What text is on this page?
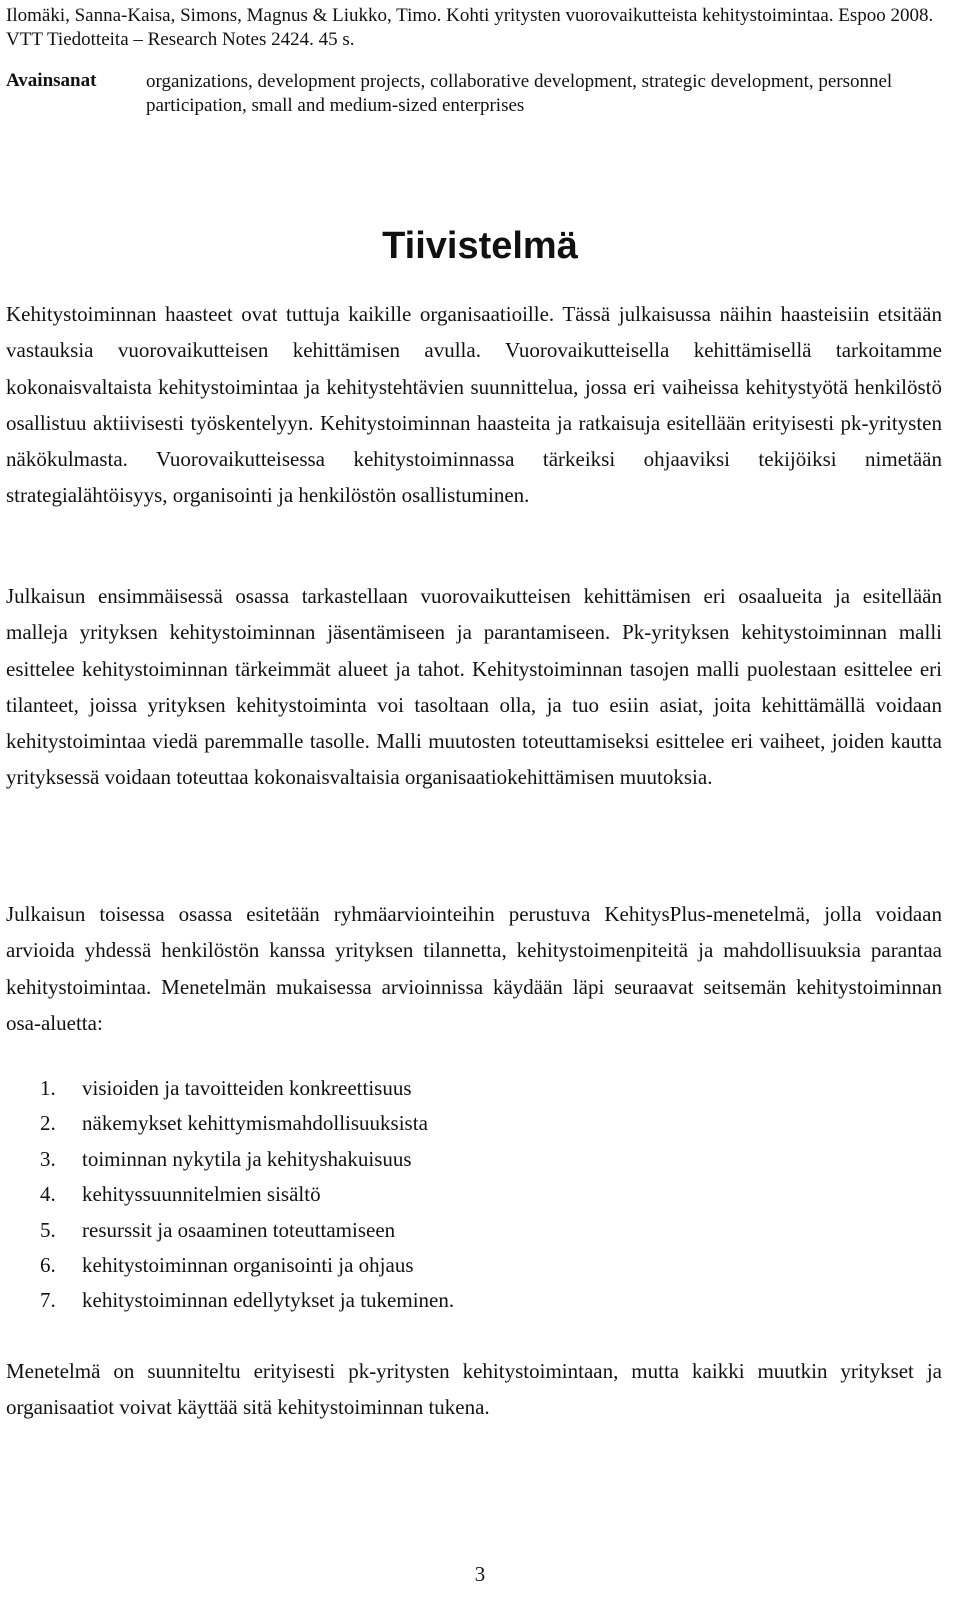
Ilomäki, Sanna-Kaisa, Simons, Magnus & Liukko, Timo. Kohti yritysten vuorovaikutteista kehitystoimintaa. Espoo 2008. VTT Tiedotteita – Research Notes 2424. 45 s.

Avainsanat	organizations, development projects, collaborative development, strategic development, personnel participation, small and medium-sized enterprises

Tiivistelmä

Kehitystoiminnan haasteet ovat tuttuja kaikille organisaatioille. Tässä julkaisussa näihin haasteisiin etsitään vastauksia vuorovaikutteisen kehittämisen avulla. Vuorovaikutteisella kehittämisellä tarkoitamme kokonaisvaltaista kehitystoimintaa ja kehitystehtävien suunnittelua, jossa eri vaiheissa kehitystyötä henkilöstö osallistuu aktiivisesti työskentelyyn. Kehitystoiminnan haasteita ja ratkaisuja esitellään erityisesti pk-yritysten näkökulmasta. Vuorovaikutteisessa kehitystoiminnassa tärkeiksi ohjaaviksi tekijöiksi nimetään strategialähtöisyys, organisointi ja henkilöstön osallistuminen.

Julkaisun ensimmäisessä osassa tarkastellaan vuorovaikutteisen kehittämisen eri osaalueita ja esitellään malleja yrityksen kehitystoiminnan jäsentämiseen ja parantamiseen. Pk-yrityksen kehitystoiminnan malli esittelee kehitystoiminnan tärkeimmät alueet ja tahot. Kehitystoiminnan tasojen malli puolestaan esittelee eri tilanteet, joissa yrityksen kehitystoiminta voi tasoltaan olla, ja tuo esiin asiat, joita kehittämällä voidaan kehitystoimintaa viedä paremmalle tasolle. Malli muutosten toteuttamiseksi esittelee eri vaiheet, joiden kautta yrityksessä voidaan toteuttaa kokonaisvaltaisia organisaatiokehittämisen muutoksia.

Julkaisun toisessa osassa esitetään ryhmäarviointeihin perustuva KehitysPlus-menetelmä, jolla voidaan arvioida yhdessä henkilöstön kanssa yrityksen tilannetta, kehitystoimenpiteitä ja mahdollisuuksia parantaa kehitystoimintaa. Menetelmän mukaisessa arvioinnissa käydään läpi seuraavat seitsemän kehitystoiminnan osa-aluetta:

1. visioiden ja tavoitteiden konkreettisuus
2. näkemykset kehittymismahdollisuuksista
3. toiminnan nykytila ja kehityshakuisuus
4. kehityssuunnitelmien sisältö
5. resurssit ja osaaminen toteuttamiseen
6. kehitystoiminnan organisointi ja ohjaus
7. kehitystoiminnan edellytykset ja tukeminen.

Menetelmä on suunniteltu erityisesti pk-yritysten kehitystoimintaan, mutta kaikki muutkin yritykset ja organisaatiot voivat käyttää sitä kehitystoiminnan tukena.

3
